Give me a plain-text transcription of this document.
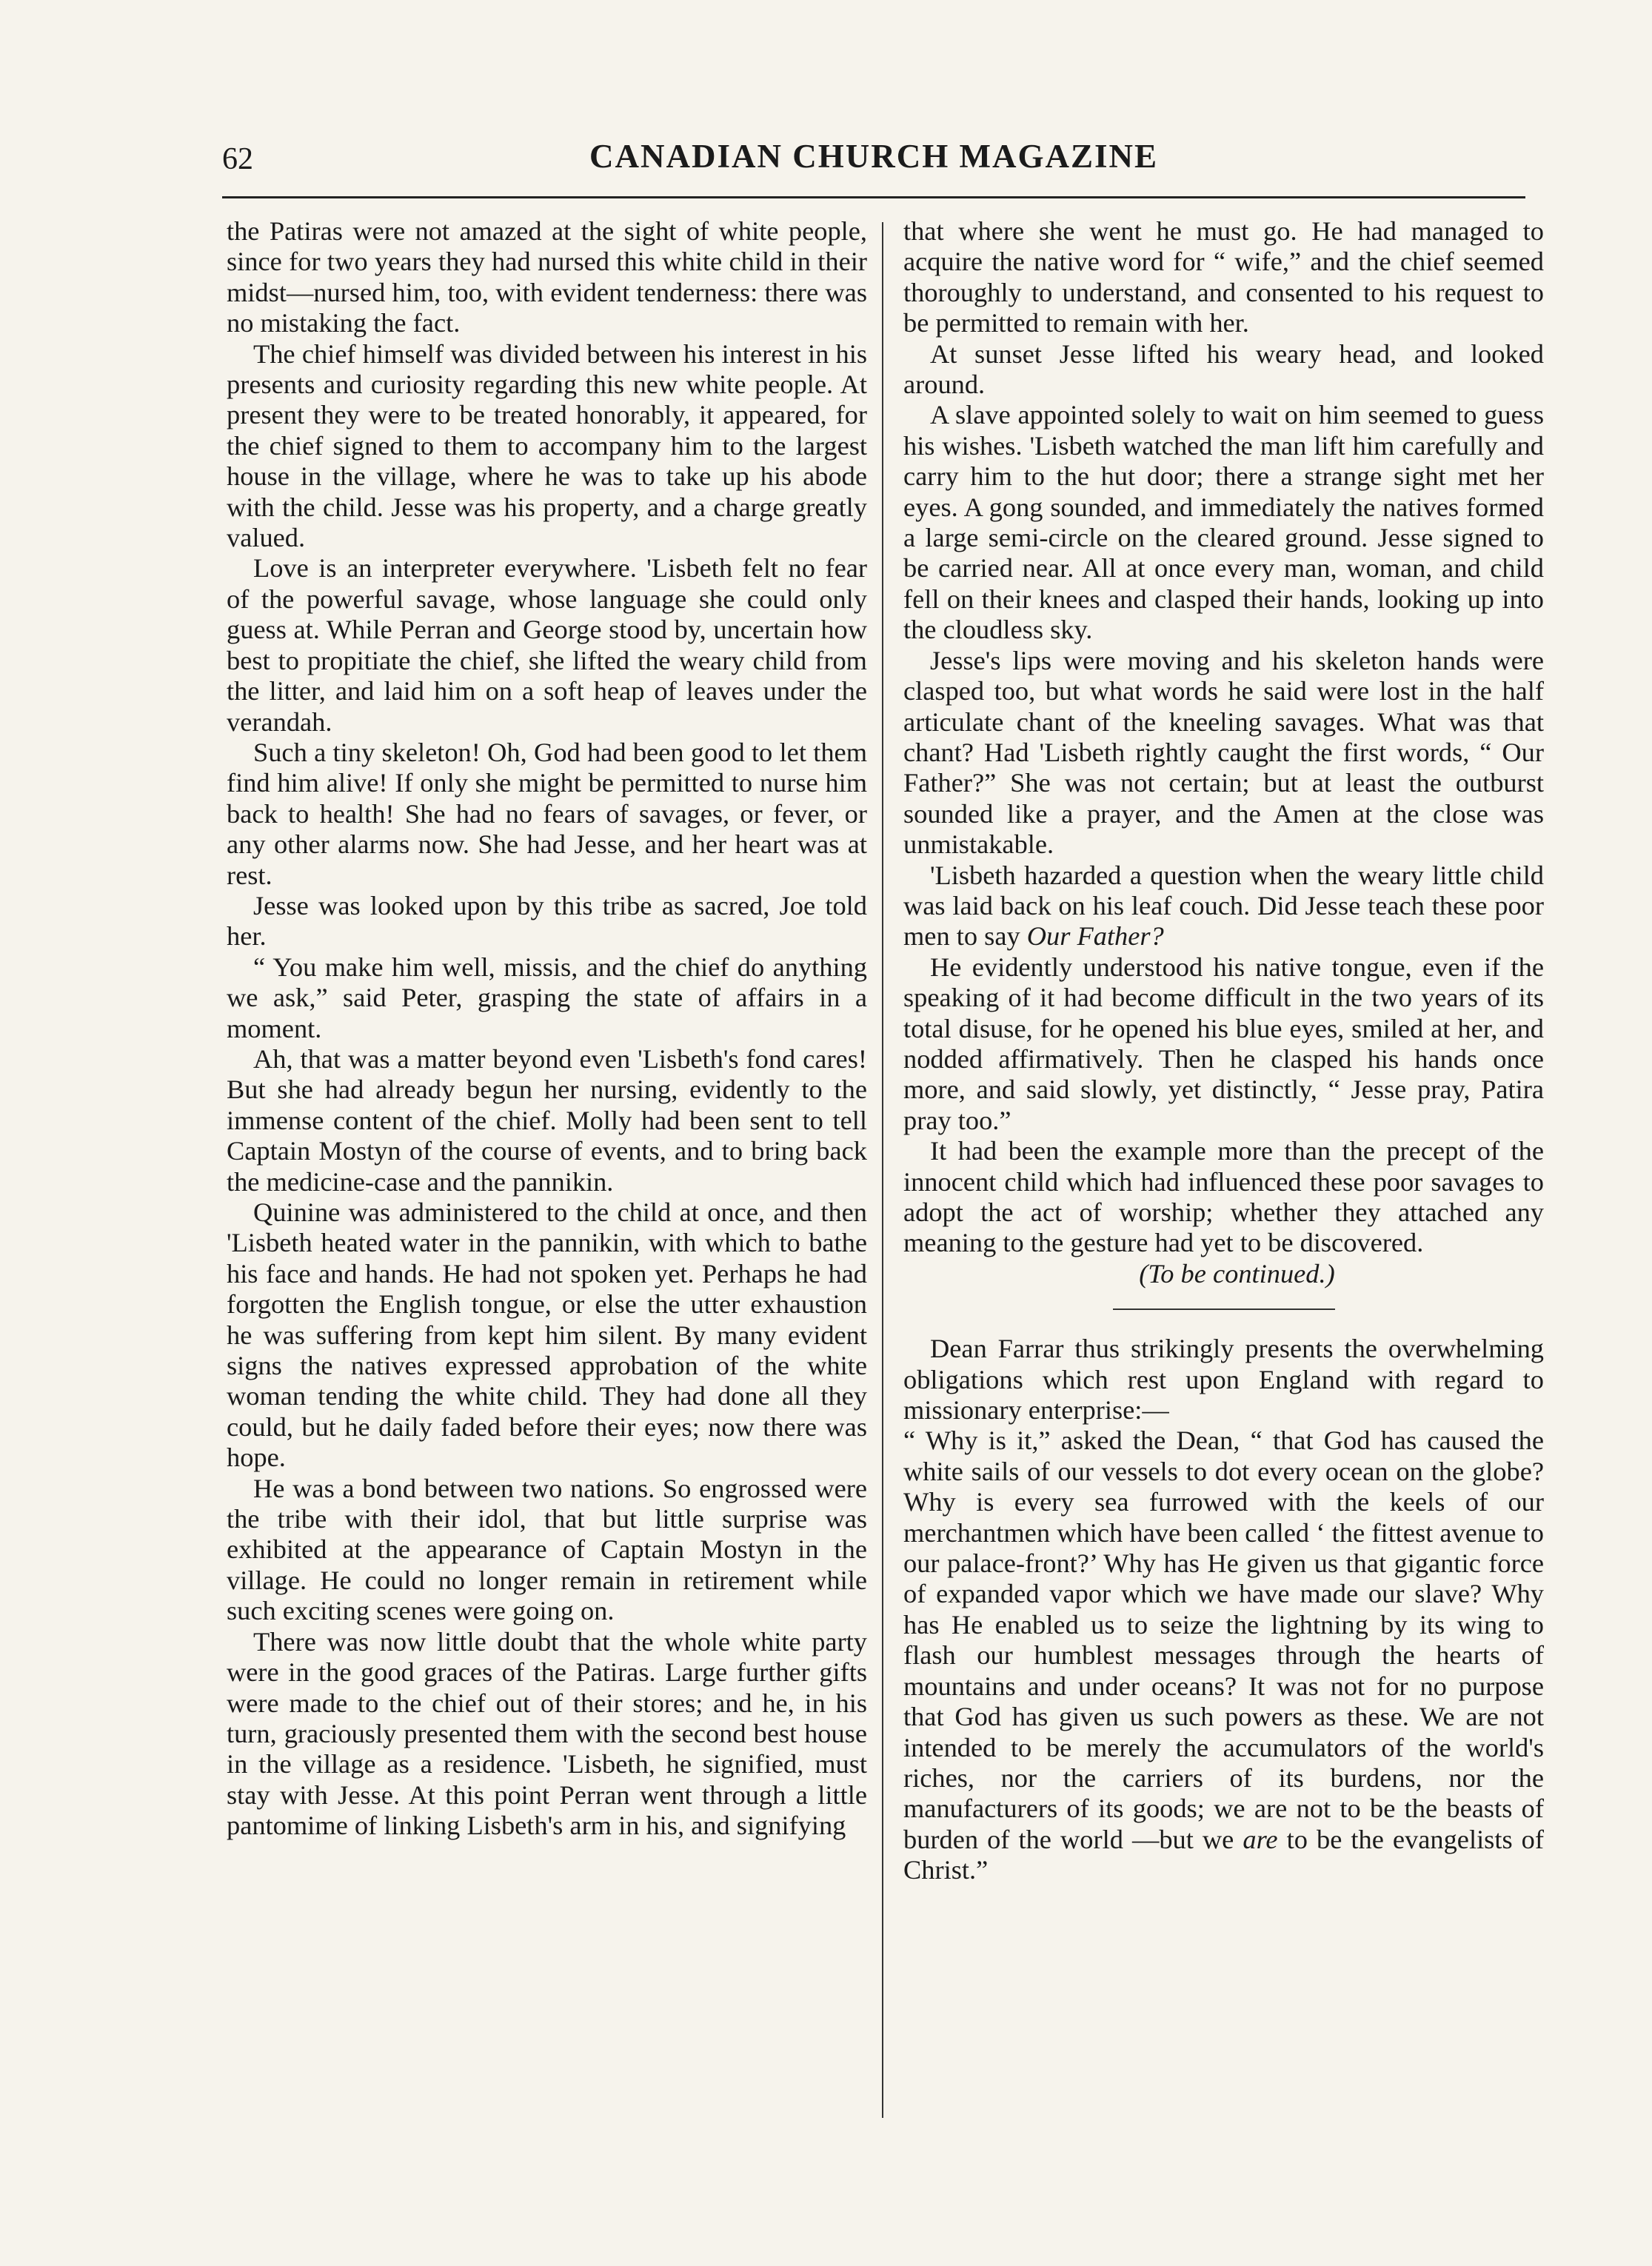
62	CANADIAN CHURCH MAGAZINE

the Patiras were not amazed at the sight of white people, since for two years they had nursed this white child in their midst—nursed him, too, with evident tenderness: there was no mistaking the fact.

The chief himself was divided between his interest in his presents and curiosity regarding this new white people. At present they were to be treated honorably, it appeared, for the chief signed to them to accompany him to the largest house in the village, where he was to take up his abode with the child. Jesse was his property, and a charge greatly valued.

Love is an interpreter everywhere. 'Lisbeth felt no fear of the powerful savage, whose language she could only guess at. While Perran and George stood by, uncertain how best to propitiate the chief, she lifted the weary child from the litter, and laid him on a soft heap of leaves under the verandah.

Such a tiny skeleton! Oh, God had been good to let them find him alive! If only she might be permitted to nurse him back to health! She had no fears of savages, or fever, or any other alarms now. She had Jesse, and her heart was at rest.

Jesse was looked upon by this tribe as sacred, Joe told her.

“ You make him well, missis, and the chief do anything we ask,” said Peter, grasping the state of affairs in a moment.

Ah, that was a matter beyond even 'Lisbeth's fond cares! But she had already begun her nursing, evidently to the immense content of the chief. Molly had been sent to tell Captain Mostyn of the course of events, and to bring back the medicine-case and the pannikin.

Quinine was administered to the child at once, and then 'Lisbeth heated water in the pannikin, with which to bathe his face and hands. He had not spoken yet. Perhaps he had forgotten the English tongue, or else the utter exhaustion he was suffering from kept him silent. By many evident signs the natives expressed approbation of the white woman tending the white child. They had done all they could, but he daily faded before their eyes; now there was hope.

He was a bond between two nations. So engrossed were the tribe with their idol, that but little surprise was exhibited at the appearance of Captain Mostyn in the village. He could no longer remain in retirement while such exciting scenes were going on.

There was now little doubt that the whole white party were in the good graces of the Patiras. Large further gifts were made to the chief out of their stores; and he, in his turn, graciously presented them with the second best house in the village as a residence. 'Lisbeth, he signified, must stay with Jesse. At this point Perran went through a little pantomime of linking Lisbeth's arm in his, and signifying

that where she went he must go. He had managed to acquire the native word for “ wife,” and the chief seemed thoroughly to understand, and consented to his request to be permitted to remain with her.

At sunset Jesse lifted his weary head, and looked around.

A slave appointed solely to wait on him seemed to guess his wishes. 'Lisbeth watched the man lift him carefully and carry him to the hut door; there a strange sight met her eyes. A gong sounded, and immediately the natives formed a large semi-circle on the cleared ground. Jesse signed to be carried near. All at once every man, woman, and child fell on their knees and clasped their hands, looking up into the cloudless sky.

Jesse's lips were moving and his skeleton hands were clasped too, but what words he said were lost in the half articulate chant of the kneeling savages. What was that chant? Had 'Lisbeth rightly caught the first words, “ Our Father?” She was not certain; but at least the outburst sounded like a prayer, and the Amen at the close was unmistakable.

'Lisbeth hazarded a question when the weary little child was laid back on his leaf couch. Did Jesse teach these poor men to say Our Father?

He evidently understood his native tongue, even if the speaking of it had become difficult in the two years of its total disuse, for he opened his blue eyes, smiled at her, and nodded affirmatively. Then he clasped his hands once more, and said slowly, yet distinctly, “ Jesse pray, Patira pray too.”

It had been the example more than the precept of the innocent child which had influenced these poor savages to adopt the act of worship; whether they attached any meaning to the gesture had yet to be discovered.

(To be continued.)

Dean Farrar thus strikingly presents the overwhelming obligations which rest upon England with regard to missionary enterprise:—

“ Why is it,” asked the Dean, “ that God has caused the white sails of our vessels to dot every ocean on the globe? Why is every sea furrowed with the keels of our merchantmen which have been called ‘ the fittest avenue to our palace-front?’ Why has He given us that gigantic force of expanded vapor which we have made our slave? Why has He enabled us to seize the lightning by its wing to flash our humblest messages through the hearts of mountains and under oceans? It was not for no purpose that God has given us such powers as these. We are not intended to be merely the accumulators of the world's riches, nor the carriers of its burdens, nor the manufacturers of its goods; we are not to be the beasts of burden of the world —but we are to be the evangelists of Christ.”
